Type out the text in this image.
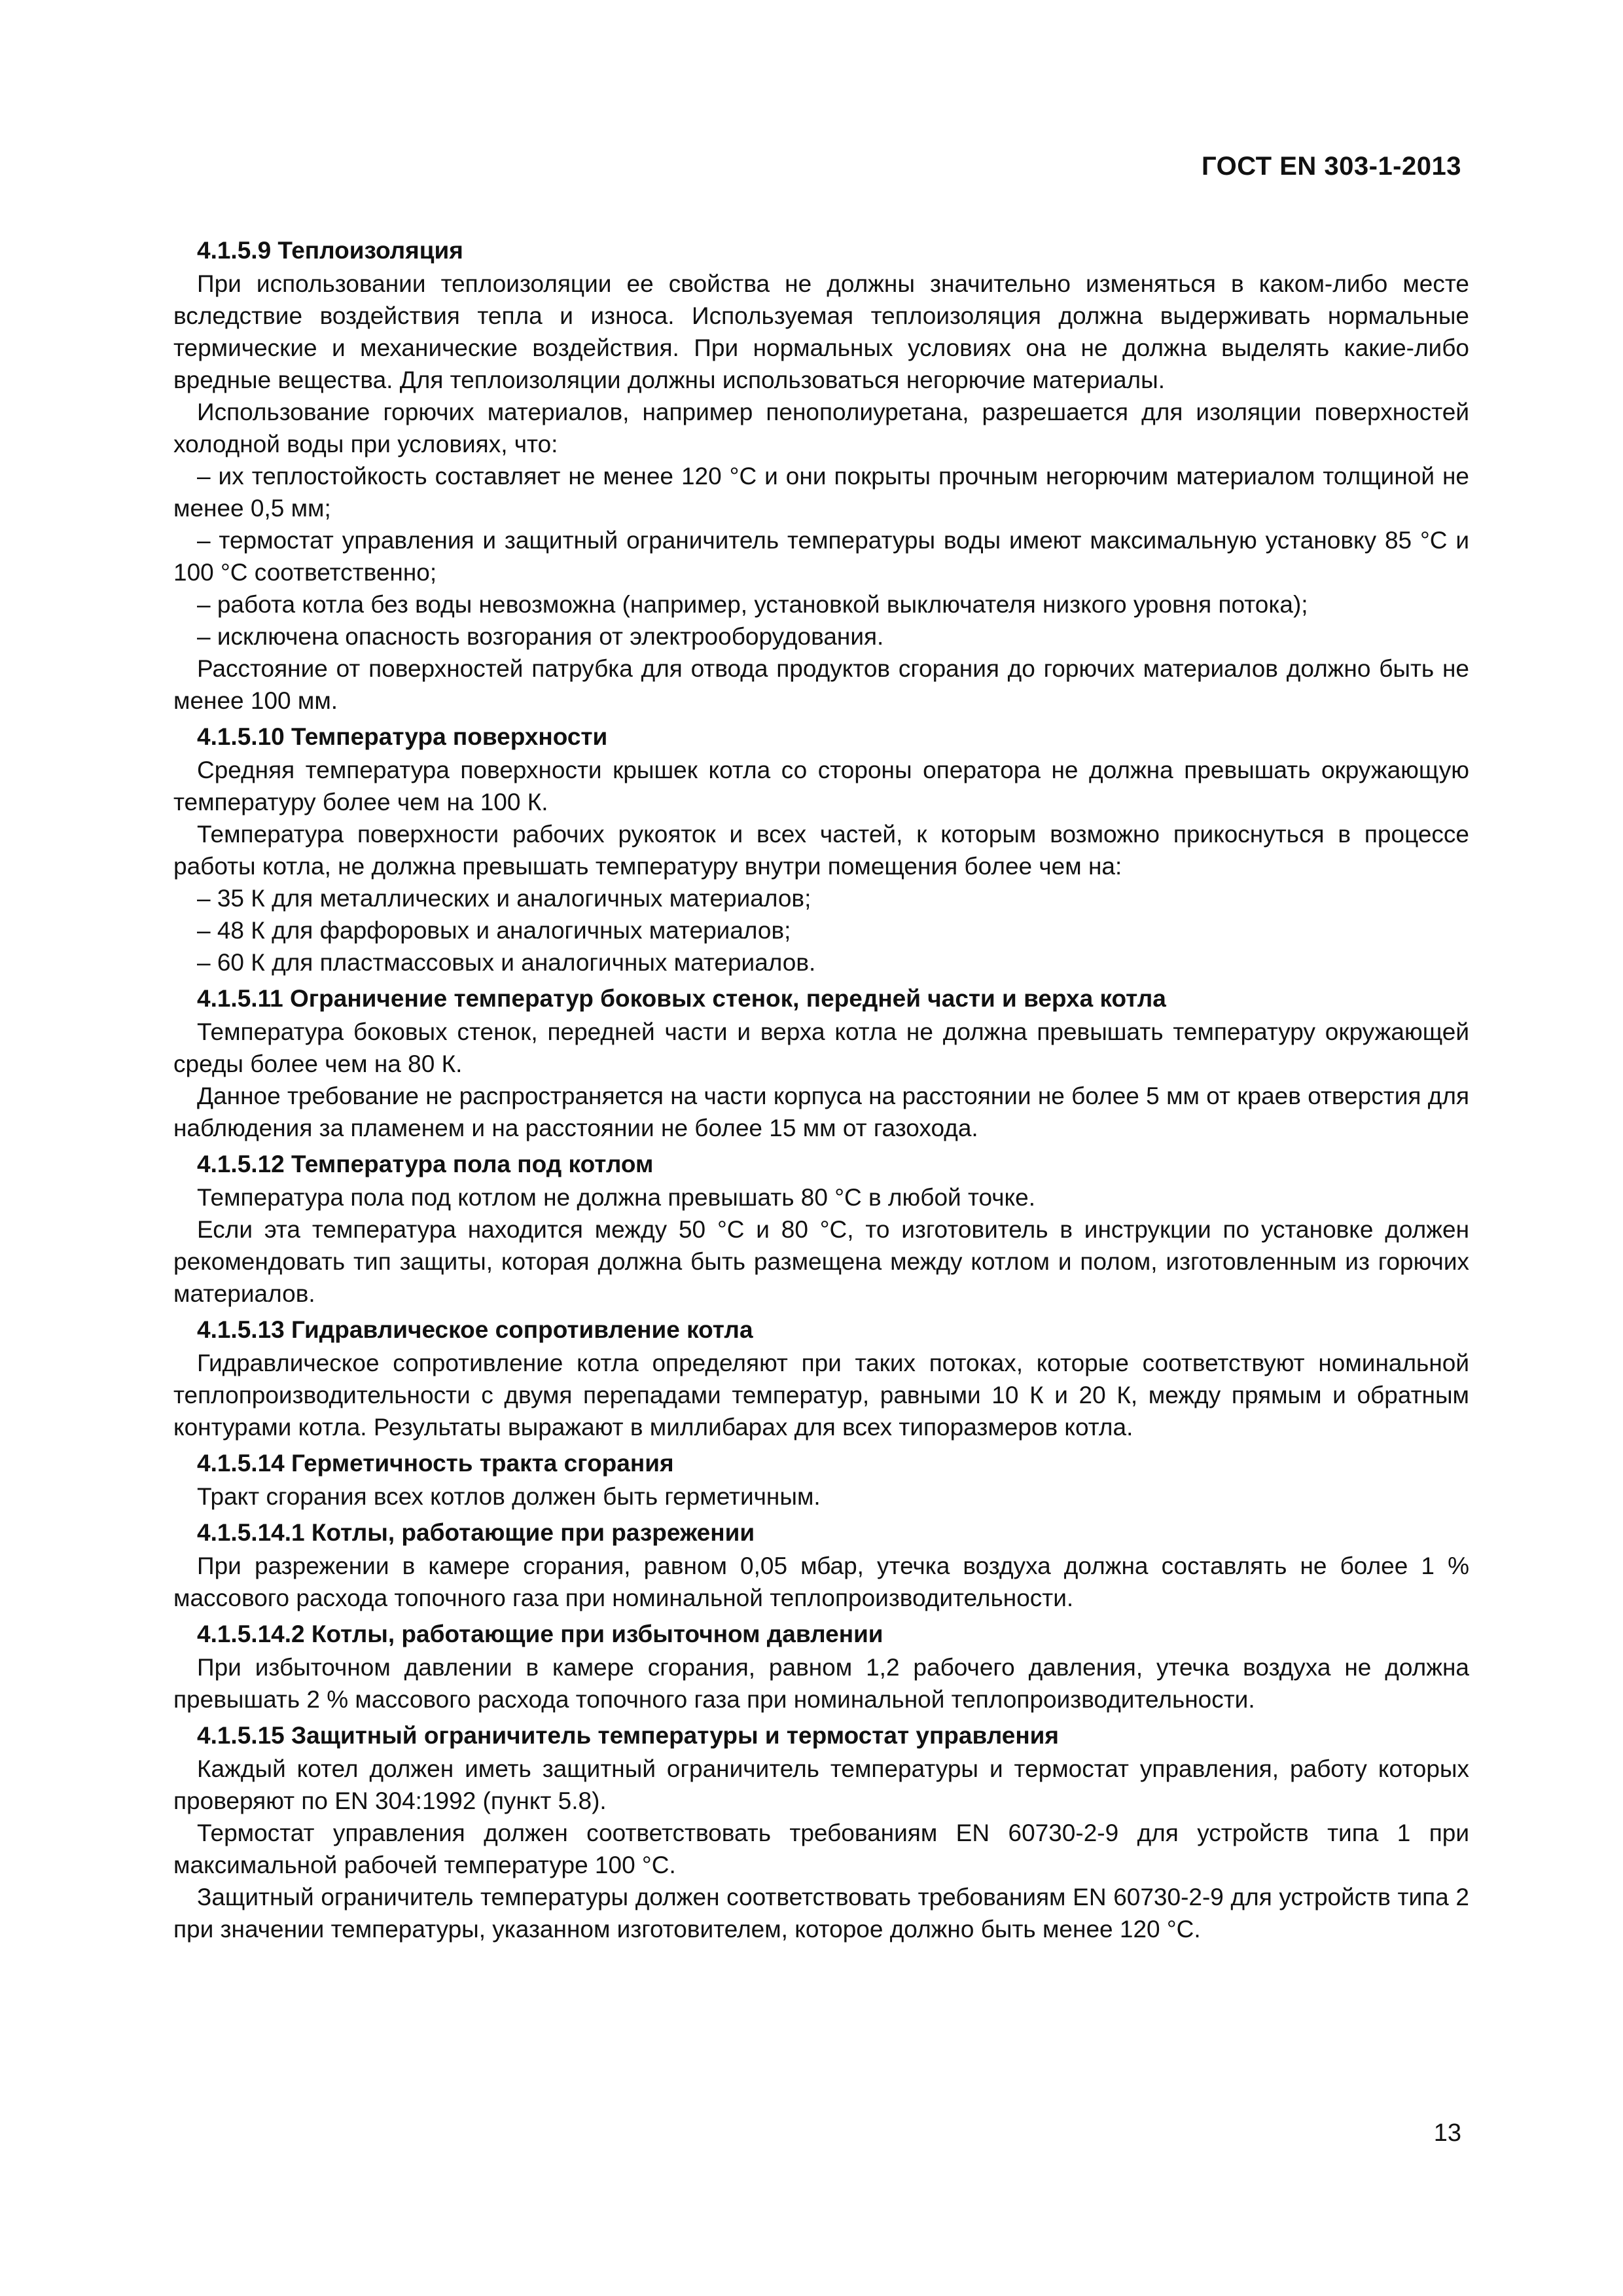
ГОСТ EN 303-1-2013
4.1.5.9 Теплоизоляция

При использовании теплоизоляции ее свойства не должны значительно изменяться в каком-либо месте вследствие воздействия тепла и износа. Используемая теплоизоляция должна выдерживать нормальные термические и механические воздействия. При нормальных условиях она не должна выделять какие-либо вредные вещества. Для теплоизоляции должны использоваться негорючие материалы.

Использование горючих материалов, например пенополиуретана, разрешается для изоляции поверхностей холодной воды при условиях, что:

– их теплостойкость составляет не менее 120 °С и они покрыты прочным негорючим материалом толщиной не менее 0,5 мм;

– термостат управления и защитный ограничитель температуры воды имеют максимальную установку 85 °С и 100 °С соответственно;

– работа котла без воды невозможна (например, установкой выключателя низкого уровня потока);

– исключена опасность возгорания от электрооборудования.

Расстояние от поверхностей патрубка для отвода продуктов сгорания до горючих материалов должно быть не менее 100 мм.

4.1.5.10 Температура поверхности

Средняя температура поверхности крышек котла со стороны оператора не должна превышать окружающую температуру более чем на 100 К.

Температура поверхности рабочих рукояток и всех частей, к которым возможно прикоснуться в процессе работы котла, не должна превышать температуру внутри помещения более чем на:

– 35 К для металлических и аналогичных материалов;

– 48 К для фарфоровых и аналогичных материалов;

– 60 К для пластмассовых и аналогичных материалов.

4.1.5.11 Ограничение температур боковых стенок, передней части и верха котла

Температура боковых стенок, передней части и верха котла не должна превышать температуру окружающей среды более чем на 80 К.

Данное требование не распространяется на части корпуса на расстоянии не более 5 мм от краев отверстия для наблюдения за пламенем и на расстоянии не более 15 мм от газохода.

4.1.5.12 Температура пола под котлом

Температура пола под котлом не должна превышать 80 °С в любой точке.

Если эта температура находится между 50 °С и 80 °С, то изготовитель в инструкции по установке должен рекомендовать тип защиты, которая должна быть размещена между котлом и полом, изготовленным из горючих материалов.

4.1.5.13 Гидравлическое сопротивление котла

Гидравлическое сопротивление котла определяют при таких потоках, которые соответствуют номинальной теплопроизводительности с двумя перепадами температур, равными 10 К и 20 К, между прямым и обратным контурами котла. Результаты выражают в миллибарах для всех типоразмеров котла.

4.1.5.14 Герметичность тракта сгорания

Тракт сгорания всех котлов должен быть герметичным.

4.1.5.14.1 Котлы, работающие при разрежении

При разрежении в камере сгорания, равном 0,05 мбар, утечка воздуха должна составлять не более 1 % массового расхода топочного газа при номинальной теплопроизводительности.

4.1.5.14.2 Котлы, работающие при избыточном давлении

При избыточном давлении в камере сгорания, равном 1,2 рабочего давления, утечка воздуха не должна превышать 2 % массового расхода топочного газа при номинальной теплопроизводительности.

4.1.5.15 Защитный ограничитель температуры и термостат управления

Каждый котел должен иметь защитный ограничитель температуры и термостат управления, работу которых проверяют по EN 304:1992 (пункт 5.8).

Термостат управления должен соответствовать требованиям EN 60730-2-9 для устройств типа 1 при максимальной рабочей температуре 100 °С.

Защитный ограничитель температуры должен соответствовать требованиям EN 60730-2-9 для устройств типа 2 при значении температуры, указанном изготовителем, которое должно быть менее 120 °С.

13
